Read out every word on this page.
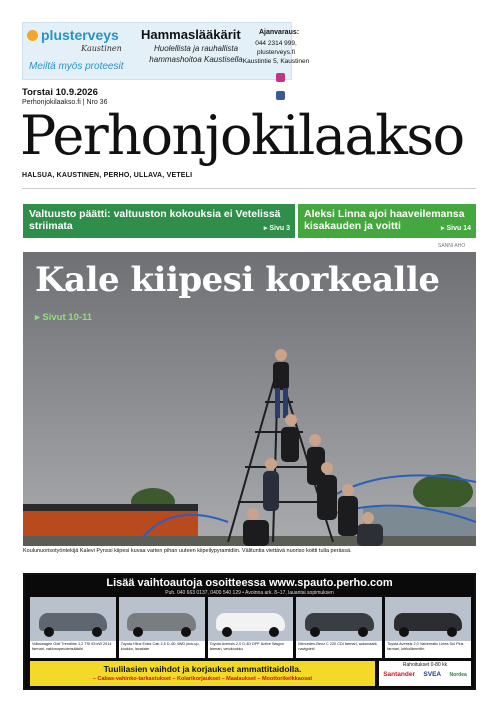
plusterveys
Kaustinen
Meiltä myös proteesit
Hammaslääkärit
Huolellista ja rauhallista hammashoitoa Kaustisella
Ajanvaraus:
044 2314 999, plusterveys.fi
Kaustintie 5, Kaustinen
Torstai 10.9.2026
Perhonjokilaakso.fi | Nro 36
Perhonjokilaakso
HALSUA, KAUSTINEN, PERHO, ULLAVA, VETELI
Valtuusto päätti: valtuuston kokouksia ei Vetelissä striimata	▸ Sivu 3
Aleksi Linna ajoi haaveilemansa kisakauden ja voitti	▸ Sivu 14
SANNI AHO
Kale kiipesi korkealle
▸ Sivut 10-11
Koulunuorisotyöntekijä Kalevi Pynssi kiipesi kuvaa varten pihan uuteen kiipeilypyramidiin. Välituntia viettävä nuoriso koitti tulla perässä.
Lisää vaihtoautoja osoitteessa www.spauto.perho.com
Puh. 040 663 0137, 0400 540 129 • Avoinna ark. 8–17, lauantai sopimuksen
Volkswagen Golf Trendline 1,2 TSI 63 kW 2014 farmari, vakionopeudensäädin
Toyota Hilux Extra Cab 2,5 D-4D 4WD pick-up, koukku, lavakate
Toyota Avensis 2,0 D-4D DPF Active Wagon farmari, vetokoukku
Mercedes-Benz C 220 CDI farmari, automaatti, navigointi
Toyota Avensis 2,0 Valvematic Linea Sol Plus farmari, lohkolämmitin
Tuulilasien vaihdot ja korjaukset ammattitaidolla.
– Cabas-vahinko-tarkastukset – Kolarikorjaukset – Maalaukset – Moottorikelkkaosat
Rahoitukset 0-80 kk
Santander SVEA Nordea
